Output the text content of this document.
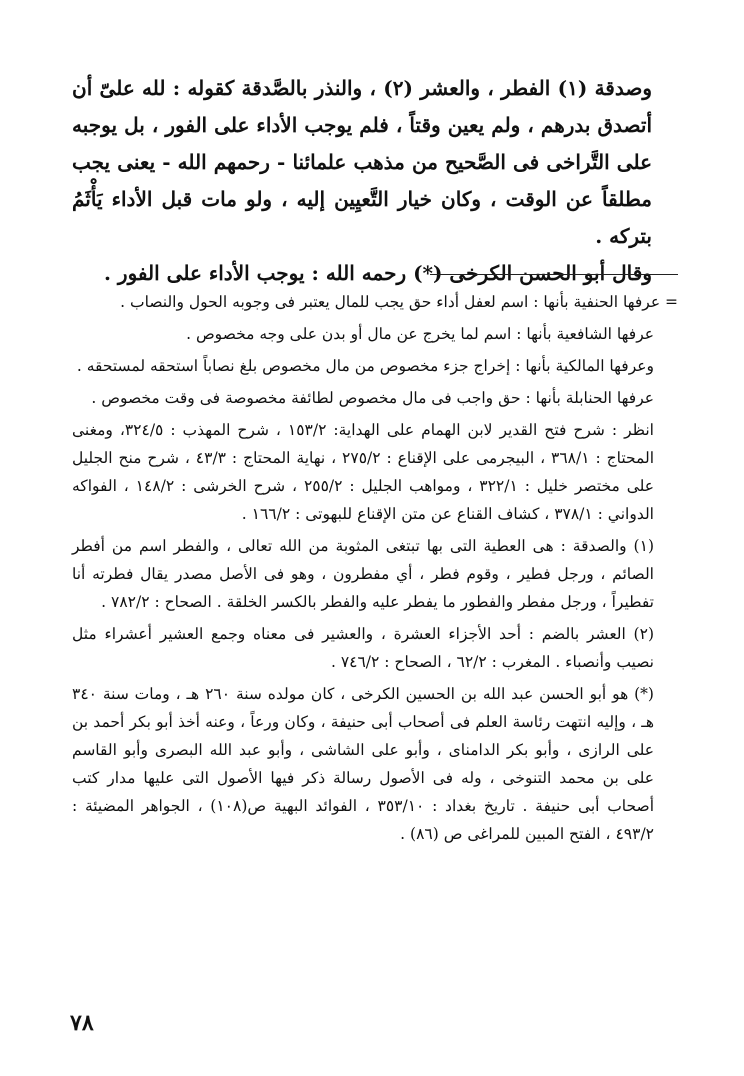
وصدقة (١) الفطر ، والعشر (٢) ، والنذر بالصَّدقة كقوله : لله علىّ أن أتصدق بدرهم ، ولم يعين وقتاً ، فلم يوجب الأداء على الفور ، بل يوجبه على التَّراخى فى الصَّحيح من مذهب علمائنا - رحمهم الله - يعنى يجب مطلقاً عن الوقت ، وكان خيار التَّعيِين إليه ، ولو مات قبل الأداء يَأْثَمُ بتركه .

وقال أبو الحسن الكرخى (*) رحمه الله : يوجب الأداء على الفور .

= عرفها الحنفية بأنها : اسم لعفل أداء حق يجب للمال يعتبر فى وجوبه الحول والنصاب .

عرفها الشافعية بأنها : اسم لما يخرج عن مال أو بدن على وجه مخصوص .

وعرفها المالكية بأنها : إخراج جزء مخصوص من مال مخصوص بلغ نصاباً استحقه لمستحقه .

عرفها الحنابلة بأنها : حق واجب فى مال مخصوص لطائفة مخصوصة فى وقت مخصوص .

انظر : شرح فتح القدير لابن الهمام على الهداية: ١٥٣/٢ ، شرح المهذب : ٣٢٤/٥، ومغنى المحتاج : ٣٦٨/١ ، البيجرمى على الإقناع : ٢٧٥/٢ ، نهاية المحتاج : ٤٣/٣ ، شرح منح الجليل على مختصر خليل : ٣٢٢/١ ، ومواهب الجليل : ٢٥٥/٢ ، شرح الخرشى : ١٤٨/٢ ، الفواكه الدواني : ٣٧٨/١ ، كشاف القناع عن متن الإقناع للبهوتى : ١٦٦/٢ .

(١) والصدقة : هى العطية التى بها تبتغى المثوبة من الله تعالى ، والفطر اسم من أفطر الصائم ، ورجل فطير ، وقوم فطر ، أي مفطرون ، وهو فى الأصل مصدر يقال فطرته أنا تفطيراً ، ورجل مفطر والفطور ما يفطر عليه والفطر بالكسر الخلقة . الصحاح : ٧٨٢/٢ .

(٢) العشر بالضم : أحد الأجزاء العشرة ، والعشير فى معناه وجمع العشير أعشراء مثل نصيب وأنصباء . المغرب : ٦٢/٢ ، الصحاح : ٧٤٦/٢ .

(*) هو أبو الحسن عبد الله بن الحسين الكرخى ، كان مولده سنة ٢٦٠ هـ ، ومات سنة ٣٤٠ هـ ، وإليه انتهت رئاسة العلم فى أصحاب أبى حنيفة ، وكان ورعاً ، وعنه أخذ أبو بكر أحمد بن على الرازى ، وأبو بكر الدامناى ، وأبو على الشاشى ، وأبو عبد الله البصرى وأبو القاسم على بن محمد التنوخى ، وله فى الأصول رسالة ذكر فيها الأصول التى عليها مدار كتب أصحاب أبى حنيفة . تاريخ بغداد : ٣٥٣/١٠ ، الفوائد البهية ص(١٠٨) ، الجواهر المضيئة : ٤٩٣/٢ ، الفتح المبين للمراغى ص (٨٦) .

٧٨
